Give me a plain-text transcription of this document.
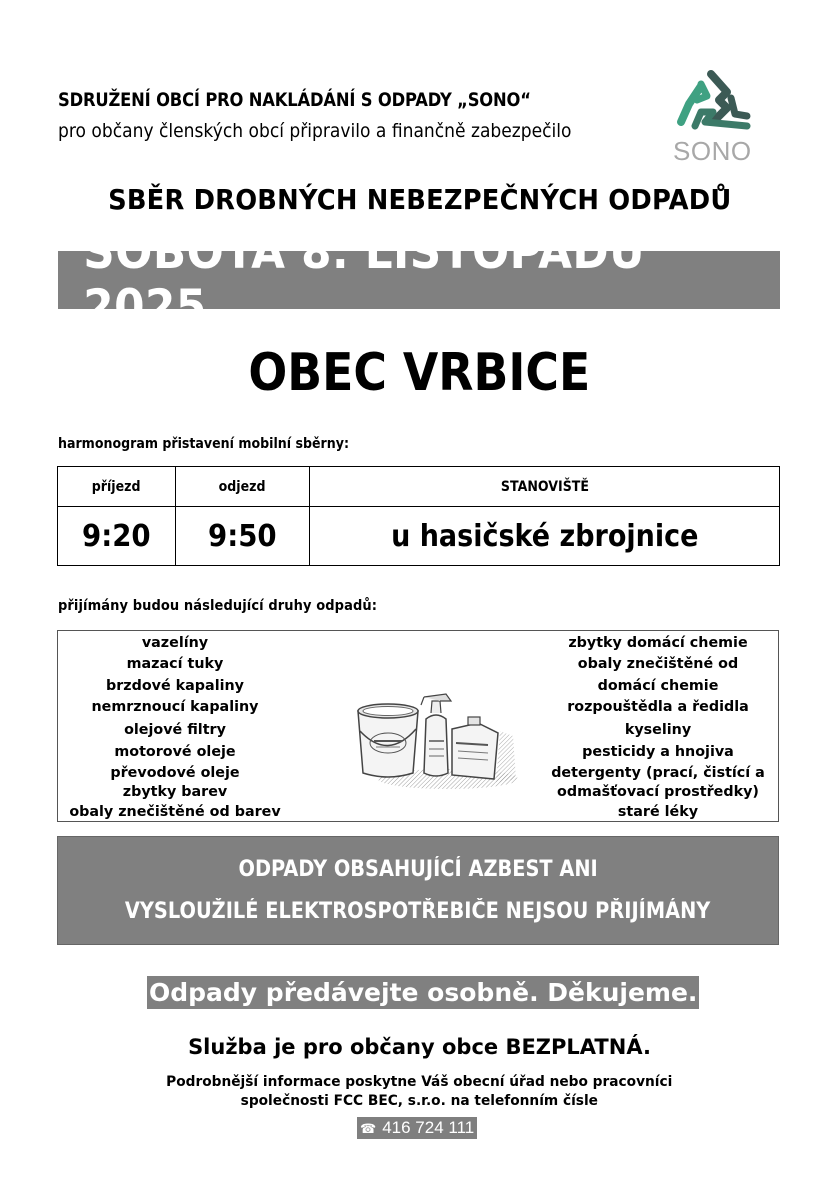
SDRUŽENÍ OBCÍ PRO NAKLÁDÁNÍ S ODPADY „SONO“
pro občany členských obcí připravilo a finančně zabezpečilo
SONO
SBĚR DROBNÝCH NEBEZPEČNÝCH ODPADŮ
SOBOTA 8. LISTOPADU 2025
OBEC VRBICE
harmonogram přistavení mobilní sběrny:
příjezd	odjezd	STANOVIŠTĚ
9:20	9:50	u hasičské zbrojnice
přijímány budou následující druhy odpadů:
vazelíny
mazací tuky
brzdové kapaliny
nemrznoucí kapaliny
olejové filtry
motorové oleje
převodové oleje
zbytky barev
obaly znečištěné od barev
zbytky domácí chemie
obaly znečištěné od
domácí chemie
rozpouštědla a ředidla
kyseliny
pesticidy a hnojiva
detergenty (prací, čistící a
odmašťovací prostředky)
staré léky
ODPADY OBSAHUJÍCÍ AZBEST ANI
VYSLOUŽILÉ ELEKTROSPOTŘEBIČE NEJSOU PŘIJÍMÁNY
Odpady předávejte osobně. Děkujeme.
Služba je pro občany obce BEZPLATNÁ.
Podrobnější informace poskytne Váš obecní úřad nebo pracovníci
společnosti FCC BEC, s.r.o. na telefonním čísle
☎ 416 724 111
